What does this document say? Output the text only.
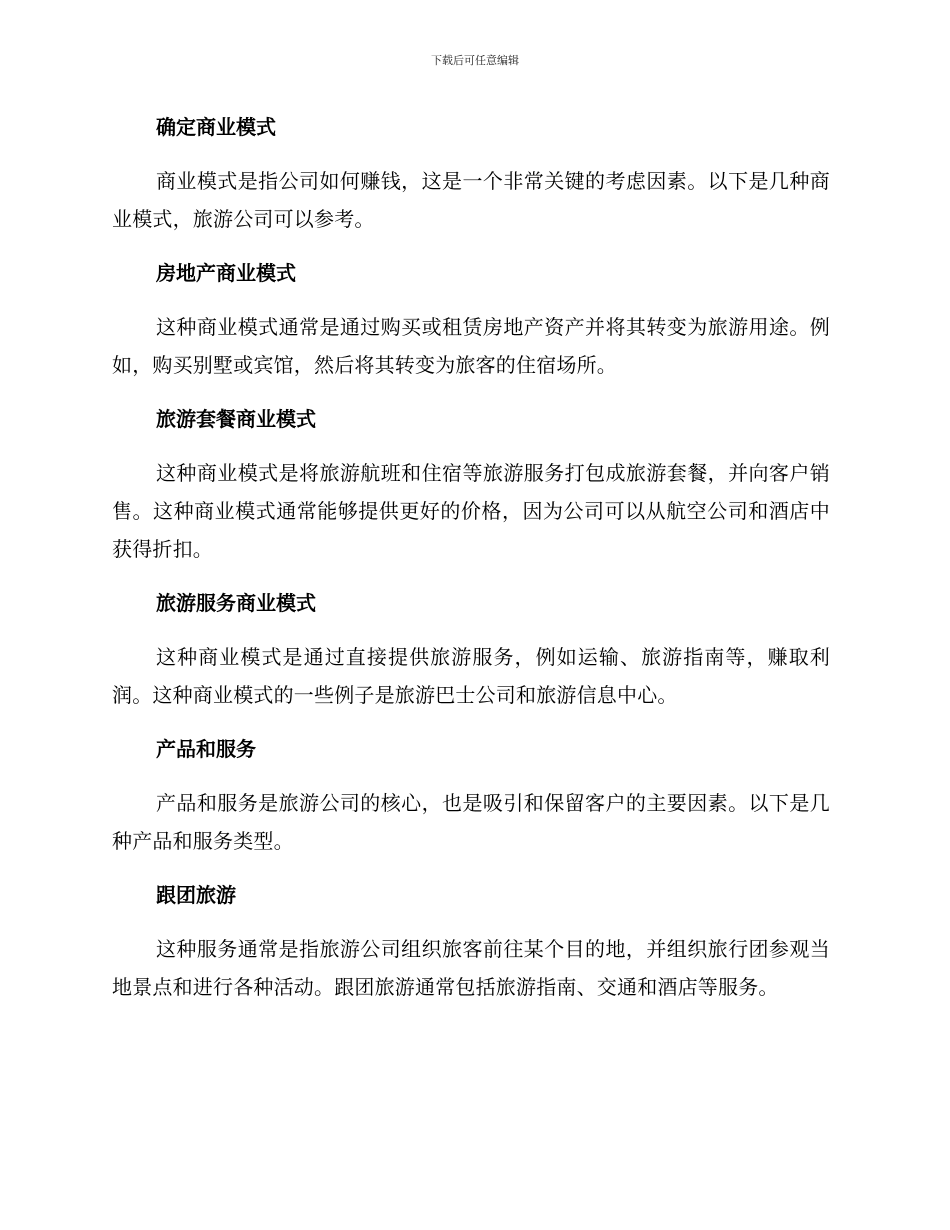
下载后可任意编辑
确定商业模式

商业模式是指公司如何赚钱，这是一个非常关键的考虑因素。以下是几种商业模式，旅游公司可以参考。

房地产商业模式

这种商业模式通常是通过购买或租赁房地产资产并将其转变为旅游用途。例如，购买别墅或宾馆，然后将其转变为旅客的住宿场所。

旅游套餐商业模式

这种商业模式是将旅游航班和住宿等旅游服务打包成旅游套餐，并向客户销售。这种商业模式通常能够提供更好的价格，因为公司可以从航空公司和酒店中获得折扣。

旅游服务商业模式

这种商业模式是通过直接提供旅游服务，例如运输、旅游指南等，赚取利润。这种商业模式的一些例子是旅游巴士公司和旅游信息中心。

产品和服务

产品和服务是旅游公司的核心，也是吸引和保留客户的主要因素。以下是几种产品和服务类型。

跟团旅游

这种服务通常是指旅游公司组织旅客前往某个目的地，并组织旅行团参观当地景点和进行各种活动。跟团旅游通常包括旅游指南、交通和酒店等服务。
